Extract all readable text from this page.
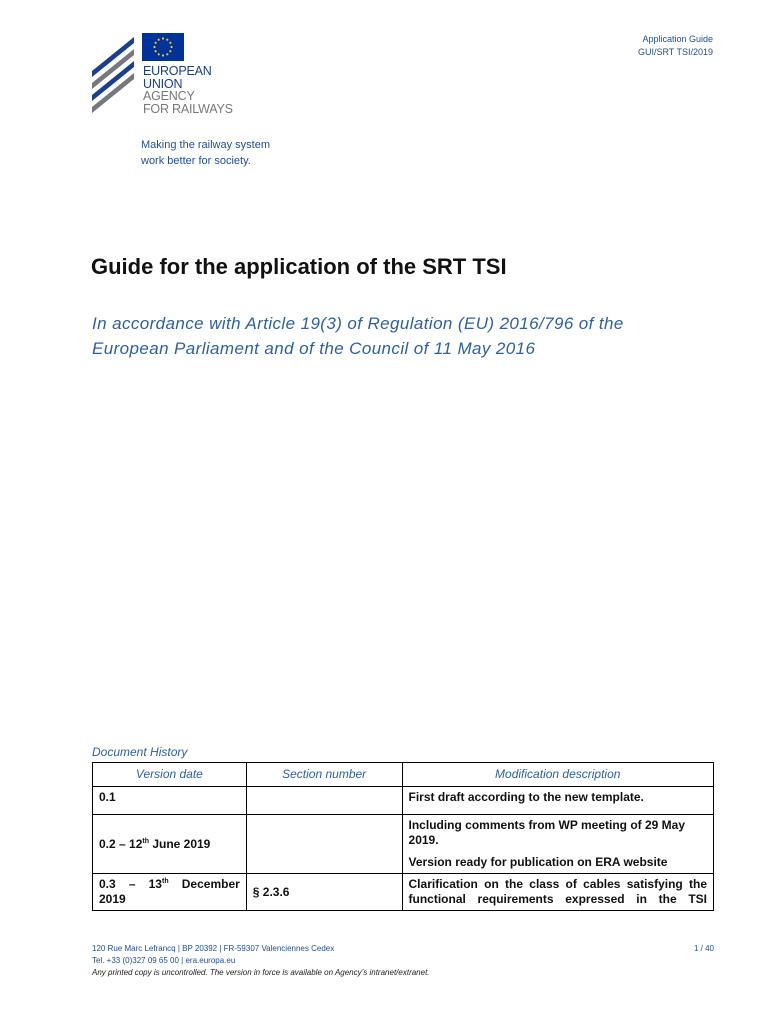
EUROPEAN
UNION
AGENCY
FOR RAILWAYS
Making the railway system
work better for society.
Application Guide
GUI/SRT TSI/2019
Guide for the application of the SRT TSI
In accordance with Article 19(3) of Regulation (EU) 2016/796 of the
European Parliament and of the Council of 11 May 2016
Document History
Version date	Section number	Modification description
0.1		First draft according to the new template.

0.2 – 12th June 2019		Including comments from WP meeting of 29 May 2019.
Version ready for publication on ERA website

0.3 – 13th December 2019	§ 2.3.6	Clarification on the class of cables satisfying the functional requirements expressed in the TSI
120 Rue Marc Lefrancq | BP 20392 | FR-59307 Valenciennes Cedex
Tel. +33 (0)327 09 65 00 | era.europa.eu
Any printed copy is uncontrolled. The version in force is available on Agency’s intranet/extranet.
1 / 40
